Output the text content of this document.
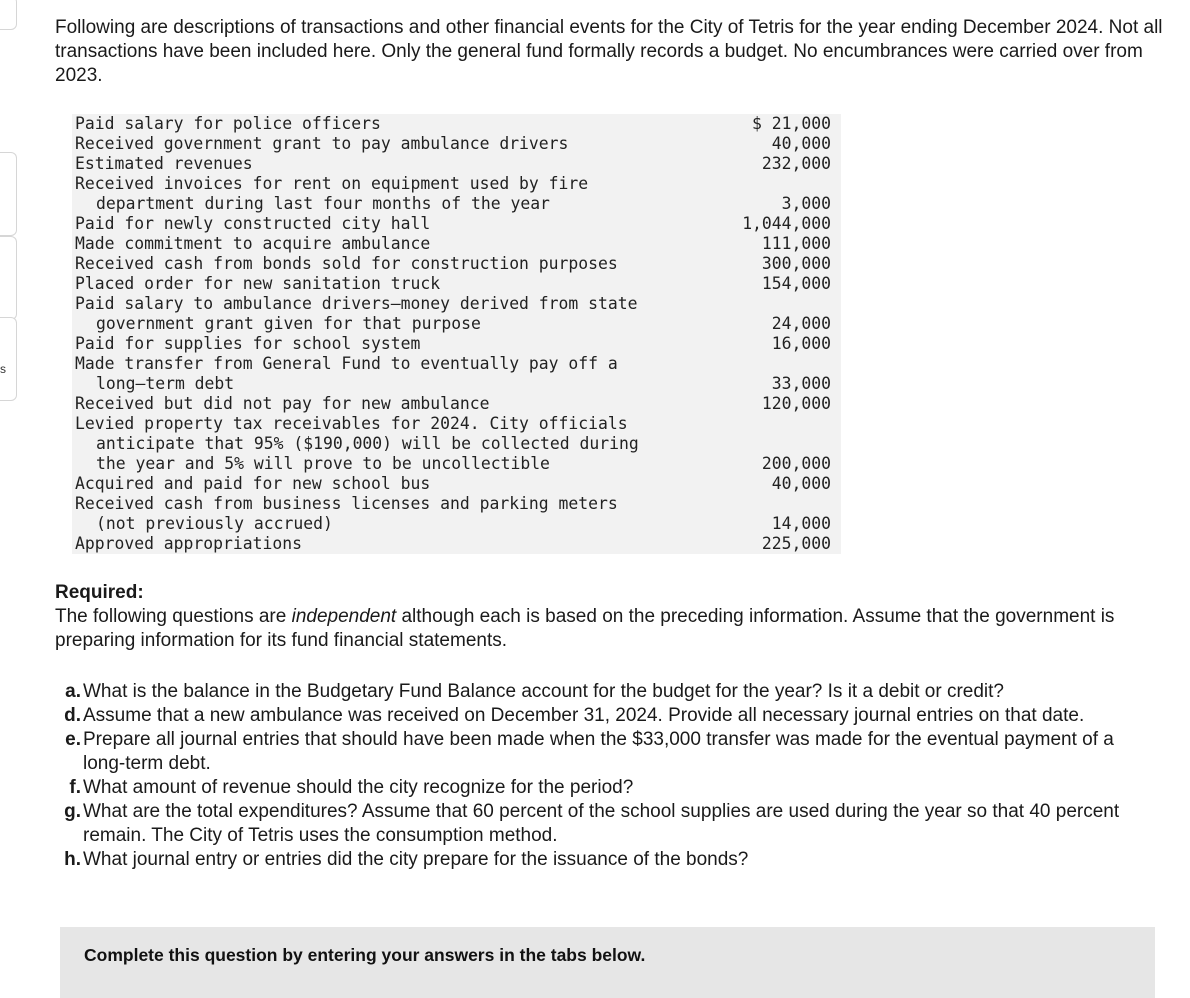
s

Following are descriptions of transactions and other financial events for the City of Tetris for the year ending December 2024. Not all transactions have been included here. Only the general fund formally records a budget. No encumbrances were carried over from 2023.

Paid salary for police officers	$ 21,000

Received government grant to pay ambulance drivers	40,000

Estimated revenues	232,000

Received invoices for rent on equipment used by fire
department during last four months of the year	3,000

Paid for newly constructed city hall	1,044,000

Made commitment to acquire ambulance	111,000

Received cash from bonds sold for construction purposes	300,000

Placed order for new sanitation truck	154,000

Paid salary to ambulance drivers—money derived from state
government grant given for that purpose	24,000

Paid for supplies for school system	16,000

Made transfer from General Fund to eventually pay off a
long–term debt	33,000

Received but did not pay for new ambulance	120,000

Levied property tax receivables for 2024. City officials
anticipate that 95% ($190,000) will be collected during
the year and 5% will prove to be uncollectible	200,000

Acquired and paid for new school bus	40,000

Received cash from business licenses and parking meters
(not previously accrued)	14,000

Approved appropriations	225,000
Required:

The following questions are independent although each is based on the preceding information. Assume that the government is preparing information for its fund financial statements.

a. What is the balance in the Budgetary Fund Balance account for the budget for the year? Is it a debit or credit?
d. Assume that a new ambulance was received on December 31, 2024. Provide all necessary journal entries on that date.
e. Prepare all journal entries that should have been made when the $33,000 transfer was made for the eventual payment of a long-term debt.
f. What amount of revenue should the city recognize for the period?
g. What are the total expenditures? Assume that 60 percent of the school supplies are used during the year so that 40 percent remain. The City of Tetris uses the consumption method.
h. What journal entry or entries did the city prepare for the issuance of the bonds?

Complete this question by entering your answers in the tabs below.
